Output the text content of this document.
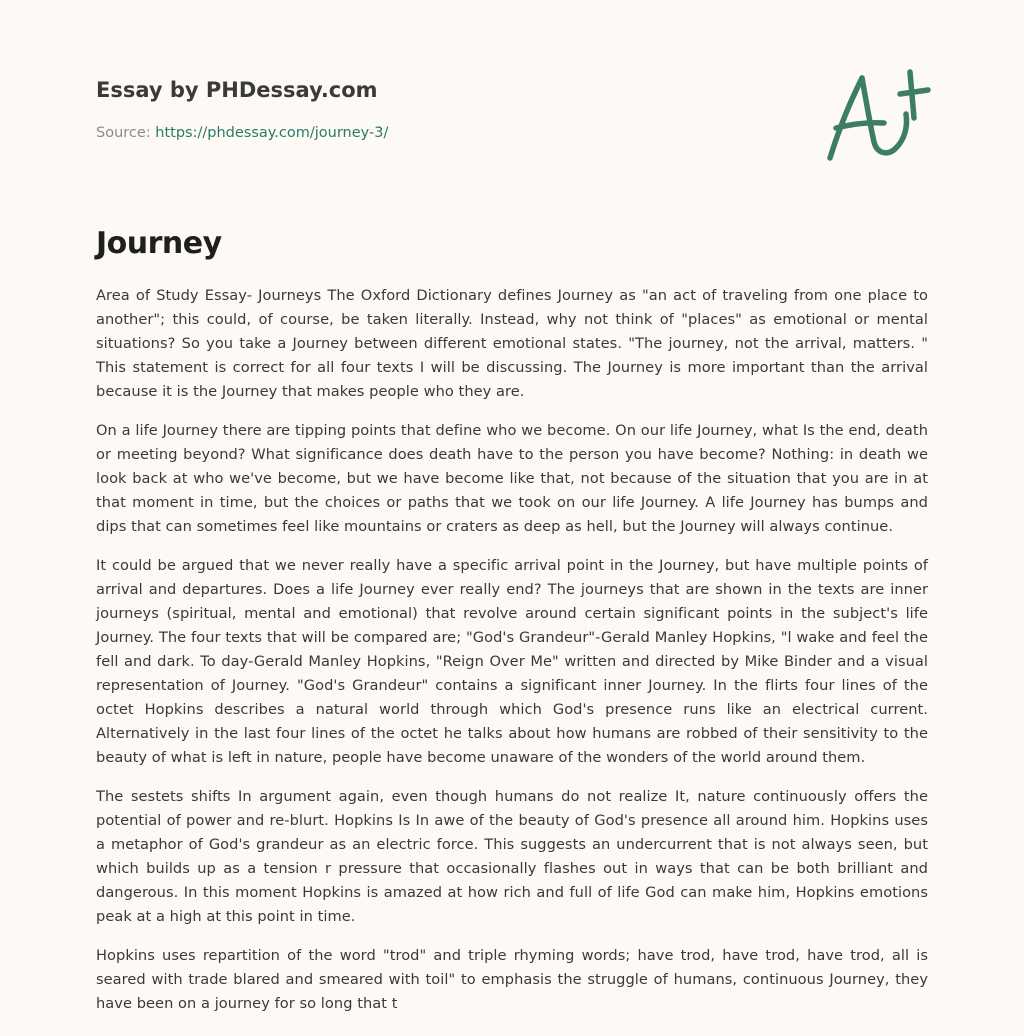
Essay by PHDessay.com
Source: https://phdessay.com/journey-3/
Journey

Area of Study Essay- Journeys The Oxford Dictionary defines Journey as "an act of traveling from one place to another"; this could, of course, be taken literally. Instead, why not think of "places" as emotional or mental situations? So you take a Journey between different emotional states. "The journey, not the arrival, matters. " This statement is correct for all four texts I will be discussing. The Journey is more important than the arrival because it is the Journey that makes people who they are.

On a life Journey there are tipping points that define who we become. On our life Journey, what Is the end, death or meeting beyond? What significance does death have to the person you have become? Nothing: in death we look back at who we've become, but we have become like that, not because of the situation that you are in at that moment in time, but the choices or paths that we took on our life Journey. A life Journey has bumps and dips that can sometimes feel like mountains or craters as deep as hell, but the Journey will always continue.

It could be argued that we never really have a specific arrival point in the Journey, but have multiple points of arrival and departures. Does a life Journey ever really end? The journeys that are shown in the texts are inner journeys (spiritual, mental and emotional) that revolve around certain significant points in the subject's life Journey. The four texts that will be compared are; "God's Grandeur"-Gerald Manley Hopkins, "l wake and feel the fell and dark. To day-Gerald Manley Hopkins, "Reign Over Me" written and directed by Mike Binder and a visual representation of Journey. "God's Grandeur" contains a significant inner Journey. In the flirts four lines of the octet Hopkins describes a natural world through which God's presence runs like an electrical current. Alternatively in the last four lines of the octet he talks about how humans are robbed of their sensitivity to the beauty of what is left in nature, people have become unaware of the wonders of the world around them.

The sestets shifts In argument again, even though humans do not realize It, nature continuously offers the potential of power and re-blurt. Hopkins Is In awe of the beauty of God's presence all around him. Hopkins uses a metaphor of God's grandeur as an electric force. This suggests an undercurrent that is not always seen, but which builds up as a tension r pressure that occasionally flashes out in ways that can be both brilliant and dangerous. In this moment Hopkins is amazed at how rich and full of life God can make him, Hopkins emotions peak at a high at this point in time.

Hopkins uses repartition of the word "trod" and triple rhyming words; have trod, have trod, have trod, all is seared with trade blared and smeared with toil" to emphasis the struggle of humans, continuous Journey, they have been on a journey for so long that t
